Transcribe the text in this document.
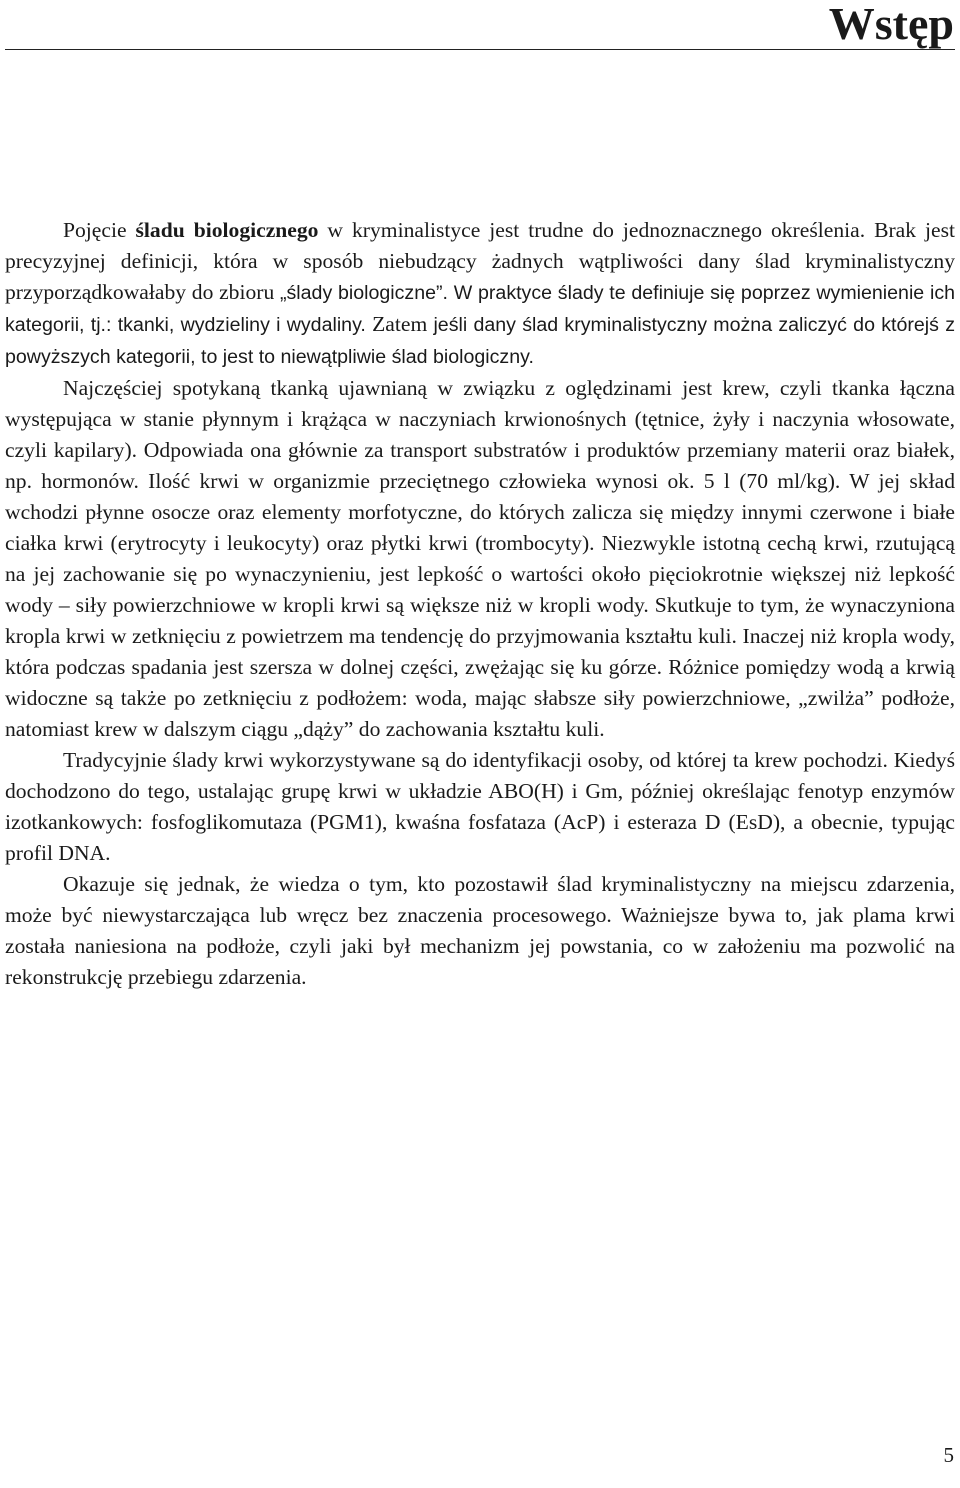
Wstęp

Pojęcie śladu biologicznego w kryminalistyce jest trudne do jednoznacznego określenia. Brak jest precyzyjnej definicji, która w sposób niebudzący żadnych wątpliwości dany ślad kryminalistyczny przyporządkowałaby do zbioru „ślady biologiczne”. W praktyce ślady te definiuje się poprzez wymienienie ich kategorii, tj.: tkanki, wydzieliny i wydaliny. Zatem jeśli dany ślad kryminalistyczny można zaliczyć do którejś z powyższych kategorii, to jest to niewątpliwie ślad biologiczny.

Najczęściej spotykaną tkanką ujawnianą w związku z oględzinami jest krew, czyli tkanka łączna występująca w stanie płynnym i krążąca w naczyniach krwionośnych (tętnice, żyły i naczynia włosowate, czyli kapilary). Odpowiada ona głównie za transport substratów i produktów przemiany materii oraz białek, np. hormonów. Ilość krwi w organizmie przeciętnego człowieka wynosi ok. 5 l (70 ml/kg). W jej skład wchodzi płynne osocze oraz elementy morfotyczne, do których zalicza się między innymi czerwone i białe ciałka krwi (erytrocyty i leukocyty) oraz płytki krwi (trombocyty). Niezwykle istotną cechą krwi, rzutującą na jej zachowanie się po wynaczynieniu, jest lepkość o wartości około pięciokrotnie większej niż lepkość wody – siły powierzchniowe w kropli krwi są większe niż w kropli wody. Skutkuje to tym, że wynaczyniona kropla krwi w zetknięciu z powietrzem ma tendencję do przyjmowania kształtu kuli. Inaczej niż kropla wody, która podczas spadania jest szersza w dolnej części, zwężając się ku górze. Różnice pomiędzy wodą a krwią widoczne są także po zetknięciu z podłożem: woda, mając słabsze siły powierzchniowe, „zwilża” podłoże, natomiast krew w dalszym ciągu „dąży” do zachowania kształtu kuli.

Tradycyjnie ślady krwi wykorzystywane są do identyfikacji osoby, od której ta krew pochodzi. Kiedyś dochodzono do tego, ustalając grupę krwi w układzie ABO(H) i Gm, później określając fenotyp enzymów izotkankowych: fosfoglikomutaza (PGM1), kwaśna fosfataza (AcP) i esteraza D (EsD), a obecnie, typując profil DNA.

Okazuje się jednak, że wiedza o tym, kto pozostawił ślad kryminalistyczny na miejscu zdarzenia, może być niewystarczająca lub wręcz bez znaczenia procesowego. Ważniejsze bywa to, jak plama krwi została naniesiona na podłoże, czyli jaki był mechanizm jej powstania, co w założeniu ma pozwolić na rekonstrukcję przebiegu zdarzenia.

5
